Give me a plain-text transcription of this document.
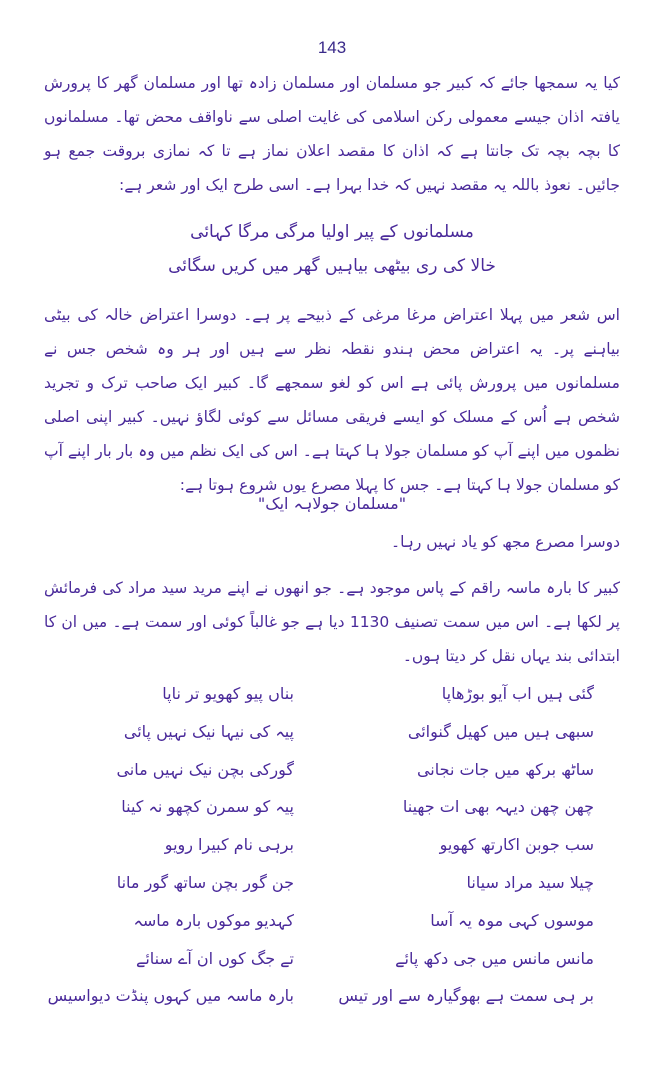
143

کیا یہ سمجھا جائے کہ کبیر جو مسلمان اور مسلمان زادہ تھا اور مسلمان گھر کا پرورش یافتہ اذان جیسے معمولی رکن اسلامی کی غایت اصلی سے ناواقف محض تھا۔ مسلمانوں کا بچہ بچہ تک جانتا ہے کہ اذان کا مقصد اعلان نماز ہے تا کہ نمازی بروقت جمع ہو جائیں۔ نعوذ باللہ یہ مقصد نہیں کہ خدا بہرا ہے۔ اسی طرح ایک اور شعر ہے:

مسلمانوں کے پیر اولیا مرگی مرگا کہائی
خالا کی ری بیٹھی بیاہیں گھر میں کریں سگائی

اس شعر میں پہلا اعتراض مرغا مرغی کے ذبیحے پر ہے۔ دوسرا اعتراض خالہ کی بیٹی بیاہنے پر۔ یہ اعتراض محض ہندو نقطہ نظر سے ہیں اور ہر وہ شخص جس نے مسلمانوں میں پرورش پائی ہے اس کو لغو سمجھے گا۔ کبیر ایک صاحب ترک و تجرید شخص ہے اُس کے مسلک کو ایسے فریقی مسائل سے کوئی لگاؤ نہیں۔ کبیر اپنی اصلی نظموں میں اپنے آپ کو مسلمان جولا ہا کہتا ہے۔ اس کی ایک نظم میں وہ بار بار اپنے آپ کو مسلمان جولا ہا کہتا ہے۔ جس کا پہلا مصرع یوں شروع ہوتا ہے:

"مسلمان جولاہہ ایک"

دوسرا مصرع مجھ کو یاد نہیں رہا۔

کبیر کا بارہ ماسہ راقم کے پاس موجود ہے۔ جو انھوں نے اپنے مرید سید مراد کی فرمائش پر لکھا ہے۔ اس میں سمت تصنیف 1130 دیا ہے جو غالباً کوئی اور سمت ہے۔ میں ان کا ابتدائی بند یہاں نقل کر دیتا ہوں۔

گئی ہیں اب آیو بوڑھاپا
سبھی ہیں میں کھیل گنوائی
ساٹھ برکھ میں جات نجانی
چھن چھن دیہہ بھی ات جھینا
سب جوبن اکارتھ کھویو
چیلا سید مراد سیانا
موسوں کہی موہ یہ آسا
مانس مانس میں جی دکھ پائے
بر ہی سمت ہے بھوگیارہ سے اور تیس
بناں پیو کھویو تر ناپا
پیہ کی نیہا نیک نہیں پائی
گورکی بچن نیک نہیں مانی
پیہ کو سمرن کچھو نہ کینا
برہی نام کبیرا رویو
جن گور بچن ساتھ گور مانا
کہدیو موکوں بارہ ماسہ
تے جگ کوں ان آے سنائے
بارہ ماسہ میں کہوں پنڈت دیواسیس
